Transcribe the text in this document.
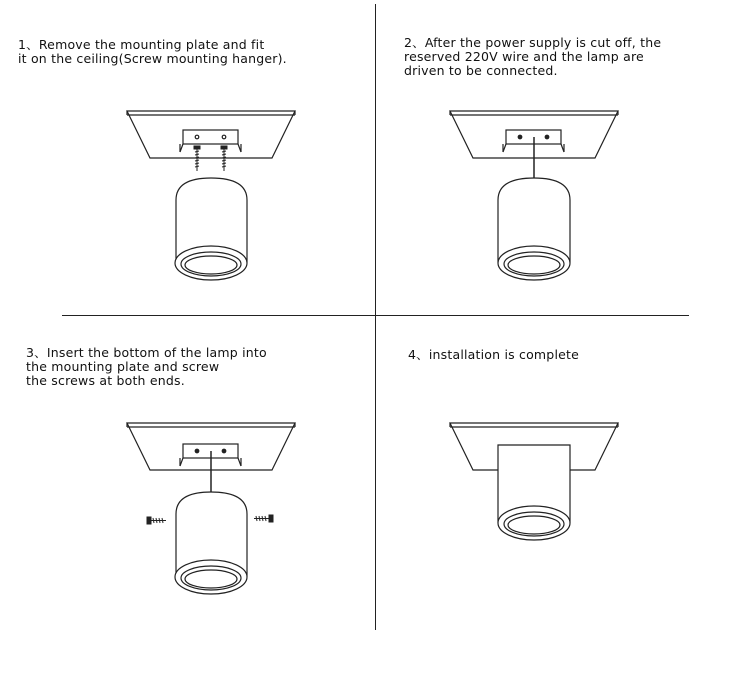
1、Remove the mounting plate and fit
it on the ceiling(Screw mounting hanger).

2、After the power supply is cut off, the
reserved 220V wire and the lamp are
driven to be connected.

3、Insert the bottom of the lamp into
the mounting plate and screw
the screws at both ends.

4、installation is complete
